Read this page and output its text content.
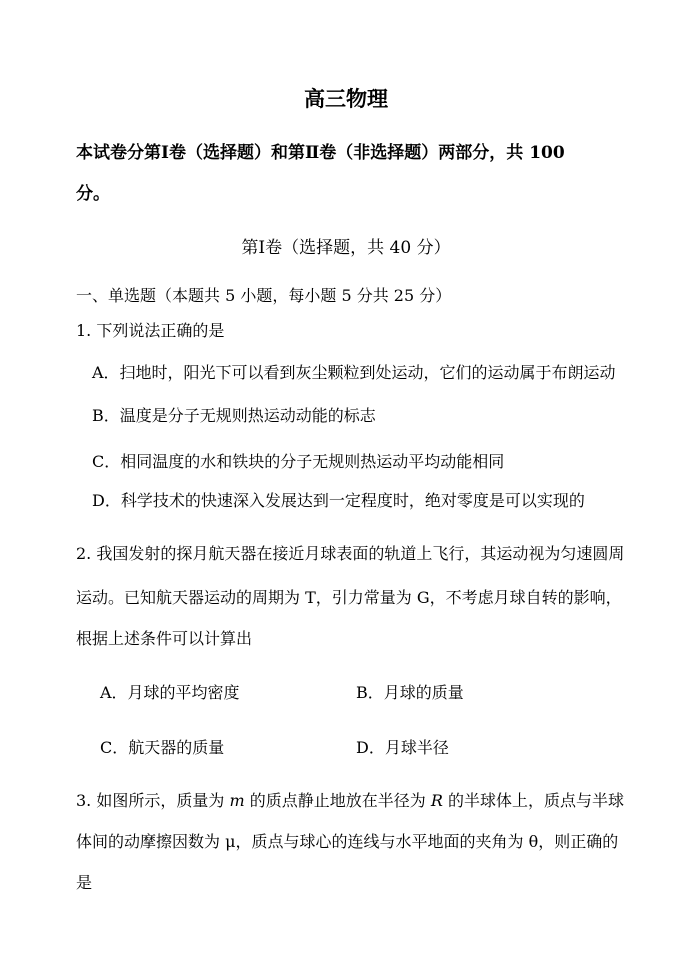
高三物理
本试卷分第Ⅰ卷（选择题）和第Ⅱ卷（非选择题）两部分，共 100
分。
第Ⅰ卷（选择题，共 40 分）
一、单选题（本题共 5 小题，每小题 5 分共 25 分）
1. 下列说法正确的是
A．扫地时，阳光下可以看到灰尘颗粒到处运动，它们的运动属于布朗运动
B．温度是分子无规则热运动动能的标志
C．相同温度的水和铁块的分子无规则热运动平均动能相同
D．科学技术的快速深入发展达到一定程度时，绝对零度是可以实现的
2. 我国发射的探月航天器在接近月球表面的轨道上飞行，其运动视为匀速圆周
运动。已知航天器运动的周期为 T，引力常量为 G，不考虑月球自转的影响，
根据上述条件可以计算出
A．月球的平均密度	B．月球的质量
C．航天器的质量	D．月球半径
3. 如图所示，质量为 m 的质点静止地放在半径为 R 的半球体上，质点与半球
体间的动摩擦因数为 μ，质点与球心的连线与水平地面的夹角为 θ，则正确的
是
